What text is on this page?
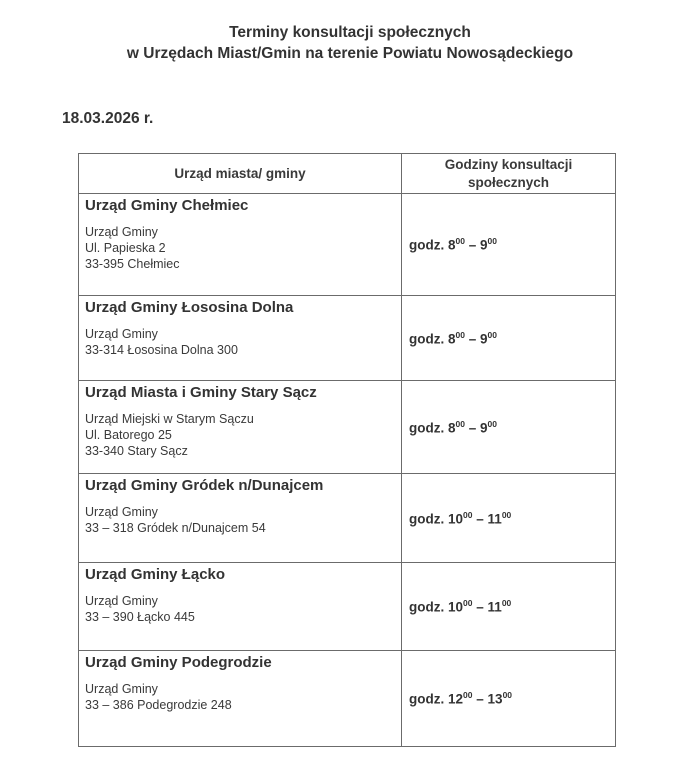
Terminy konsultacji społecznych
w Urzędach Miast/Gmin na terenie Powiatu Nowosądeckiego
18.03.2026 r.
Urząd miasta/ gminy	Godziny konsultacji społecznych

Urząd Gminy Chełmiec
Urząd Gminy
Ul. Papieska 2
33-395 Chełmiec	godz. $8^{00} - 9^{00}$

Urząd Gminy Łososina Dolna
Urząd Gminy
33-314 Łososina Dolna 300	godz. $8^{00} - 9^{00}$

Urząd Miasta i Gminy Stary Sącz
Urząd Miejski w Starym Sączu
Ul. Batorego 25
33-340 Stary Sącz	godz. $8^{00} - 9^{00}$

Urząd Gminy Gródek n/Dunajcem
Urząd Gminy
33 – 318 Gródek n/Dunajcem 54	godz. $10^{00} - 11^{00}$

Urząd Gminy Łącko
Urząd Gminy
33 – 390 Łącko 445	godz. $10^{00} - 11^{00}$

Urząd Gminy Podegrodzie
Urząd Gminy
33 – 386 Podegrodzie 248	godz. $12^{00} - 13^{00}$
